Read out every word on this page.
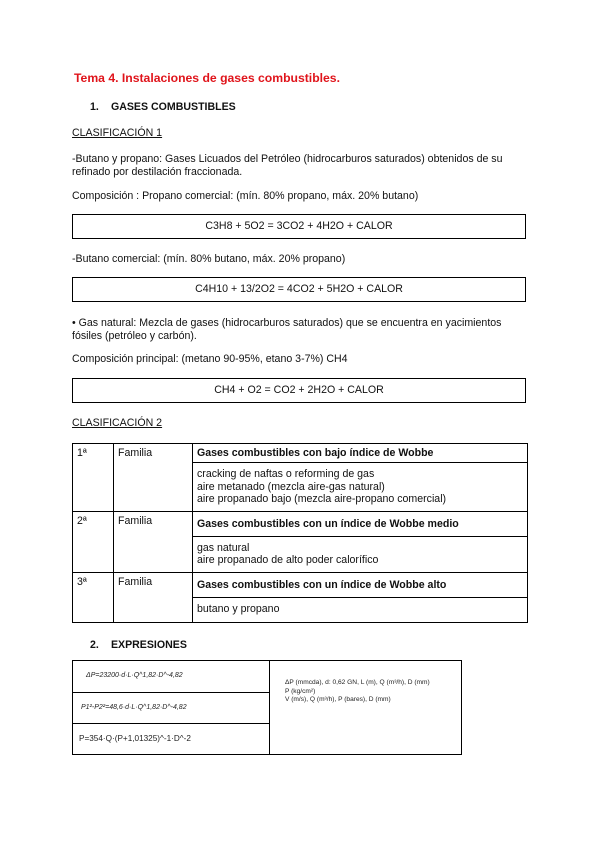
Tema 4. Instalaciones de gases combustibles.
1. GASES COMBUSTIBLES
CLASIFICACIÓN 1
-Butano y propano: Gases Licuados del Petróleo (hidrocarburos saturados) obtenidos de su refinado por destilación fraccionada.
Composición : Propano comercial: (mín. 80% propano, máx. 20% butano)
C3H8 + 5O2 = 3CO2 + 4H2O + CALOR
-Butano comercial: (mín. 80% butano, máx. 20% propano)
C4H10 + 13/2O2 = 4CO2 + 5H2O + CALOR
• Gas natural: Mezcla de gases (hidrocarburos saturados) que se encuentra en yacimientos fósiles (petróleo y carbón).
Composición principal: (metano 90-95%, etano 3-7%) CH4
CH4 + O2 = CO2 + 2H2O + CALOR
CLASIFICACIÓN 2
1ª	Familia	Gases combustibles con bajo índice de Wobbe

		cracking de naftas o reforming de gas
aire metanado (mezcla aire-gas natural)
aire propanado bajo (mezcla aire-propano comercial)

2ª	Familia	Gases combustibles con un índice de Wobbe medio

		gas natural
aire propanado de alto poder calorífico

3ª	Familia	Gases combustibles con un índice de Wobbe alto

		butano y propano
2. EXPRESIONES
ΔP=23200·d·L·Q^1,82·D^-4,82
P1²-P2²=48,6·d·L·Q^1,82·D^-4,82
P=354·Q·(P+1,01325)^-1·D^-2
ΔP (mmcda), d: 0,62 GN, L (m), Q (m³/h), D (mm)
P (kg/cm²)
V (m/s), Q (m³/h), P (bares), D (mm)
